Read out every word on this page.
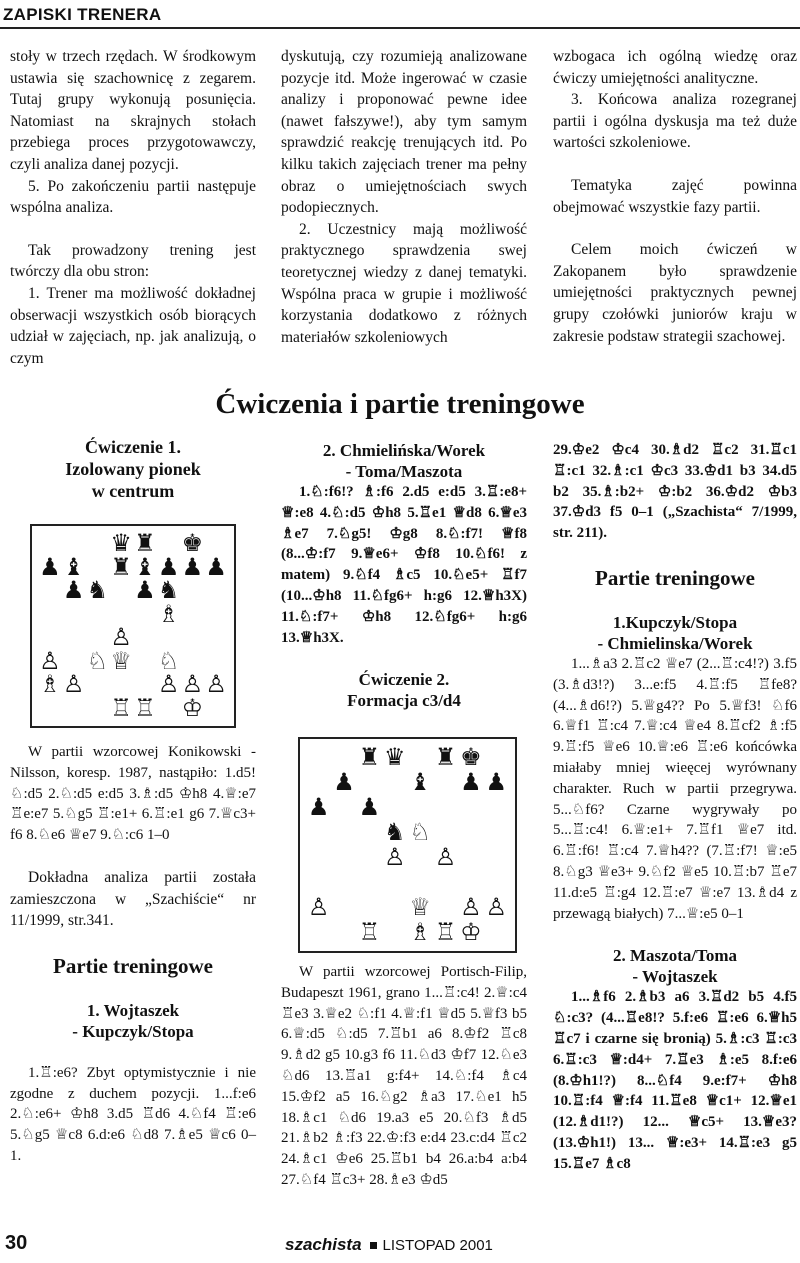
ZAPISKI TRENERA

stoły w trzech rzędach. W środkowym ustawia się szachownicę z zegarem. Tutaj grupy wykonują posunięcia. Natomiast na skrajnych stołach przebiega proces przygotowawczy, czyli analiza danej pozycji.

5. Po zakończeniu partii następuje wspólna analiza.

Tak prowadzony trening jest twórczy dla obu stron:

1. Trener ma możliwość dokładnej obserwacji wszystkich osób biorących udział w zajęciach, np. jak analizują, o czym

dyskutują, czy rozumieją analizowane pozycje itd. Może ingerować w czasie analizy i proponować pewne idee (nawet fałszywe!), aby tym samym sprawdzić reakcję trenujących itd. Po kilku takich zajęciach trener ma pełny obraz o umiejętnościach swych podopiecznych.

2. Uczestnicy mają możliwość praktycznego sprawdzenia swej teoretycznej wiedzy z danej tematyki. Wspólna praca w grupie i możliwość korzystania dodatkowo z różnych materiałów szkoleniowych

wzbogaca ich ogólną wiedzę oraz ćwiczy umiejętności analityczne.

3. Końcowa analiza rozegranej partii i ogólna dyskusja ma też duże wartości szkoleniowe.

Tematyka zajęć powinna obejmować wszystkie fazy partii.

Celem moich ćwiczeń w Zakopanem było sprawdzenie umiejętności praktycznych pewnej grupy czołówki juniorów kraju w zakresie podstaw strategii szachowej.

Ćwiczenia i partie treningowe
Ćwiczenie 1.
Izolowany pionek
w centrum
♛ ♜ ♚
♟ ♝ ♜ ♝ ♟ ♟ ♟
♟ ♞ ♟ ♞
♗
♙
♙ ♘ ♕ ♘
♗ ♙	♙ ♙ ♙
♖ ♖ ♔

W partii wzorcowej Konikowski - Nilsson, koresp. 1987, nastąpiło: 1.d5! ♘:d5 2.♘:d5 e:d5 3.♗:d5 ♔h8 4.♕:e7 ♖e:e7 5.♘g5 ♖:e1+ 6.♖:e1 g6 7.♕c3+ f6 8.♘e6 ♕e7 9.♘:c6 1–0

Dokładna analiza partii została zamieszczona w „Szachiście“ nr 11/1999, str.341.

Partie treningowe
1. Wojtaszek
- Kupczyk/Stopa

1.♖:e6? Zbyt optymistycznie i nie zgodne z duchem pozycji. 1...f:e6 2.♘:e6+ ♔h8 3.d5 ♖d6 4.♘f4 ♖:e6 5.♘g5 ♕c8 6.d:e6 ♘d8 7.♗e5 ♕c6 0–1.

2. Chmielińska/Worek
- Toma/Maszota

1.♘:f6!? ♗:f6 2.d5 e:d5 3.♖:e8+ ♕:e8 4.♘:d5 ♔h8 5.♖e1 ♕d8 6.♕e3 ♗e7 7.♘g5! ♔g8 8.♘:f7! ♕f8 (8...♔:f7 9.♕e6+ ♔f8 10.♘f6! z matem) 9.♘f4 ♗c5 10.♘e5+ ♖f7 (10...♔h8 11.♘fg6+ h:g6 12.♕h3X) 11.♘:f7+ ♔h8 12.♘fg6+ h:g6 13.♕h3X.

Ćwiczenie 2.
Formacja c3/d4
♜ ♛ ♜ ♚
♟ ♝ ♟ ♟
♟ ♟
♞ ♘
♙ ♙
♙	♕ ♙ ♙
♖ ♗ ♖ ♔

W partii wzorcowej Portisch-Filip, Budapeszt 1961, grano 1...♖:c4! 2.♕:c4 ♖e3 3.♕e2 ♘:f1 4.♕:f1 ♕d5 5.♕f3 b5 6.♕:d5 ♘:d5 7.♖b1 a6 8.♔f2 ♖c8 9.♗d2 g5 10.g3 f6 11.♘d3 ♔f7 12.♘e3 ♘d6 13.♖a1 g:f4+ 14.♘:f4 ♗c4 15.♔f2 a5 16.♘g2 ♗a3 17.♘e1 h5 18.♗c1 ♘d6 19.a3 e5 20.♘f3 ♗d5 21.♗b2 ♗:f3 22.♔:f3 e:d4 23.c:d4 ♖c2 24.♗c1 ♔e6 25.♖b1 b4 26.a:b4 a:b4 27.♘f4 ♖c3+ 28.♗e3 ♔d5

29.♔e2 ♔c4 30.♗d2 ♖c2 31.♖c1 ♖:c1 32.♗:c1 ♔c3 33.♔d1 b3 34.d5 b2 35.♗:b2+ ♔:b2 36.♔d2 ♔b3 37.♔d3 f5 0–1 („Szachista“ 7/1999, str. 211).

Partie treningowe
1.Kupczyk/Stopa
- Chmielinska/Worek

1...♗a3 2.♖c2 ♕e7 (2...♖:c4!?) 3.f5 (3.♗d3!?) 3...e:f5 4.♖:f5 ♖fe8? (4...♗d6!?) 5.♕g4?? Po 5.♕f3! ♘f6 6.♕f1 ♖:c4 7.♕:c4 ♕e4 8.♖cf2 ♗:f5 9.♖:f5 ♕e6 10.♕:e6 ♖:e6 końcówka miałaby mniej wieęcej wyrównany charakter. Ruch w partii przegrywa. 5...♘f6? Czarne wygrywały po 5...♖:c4! 6.♕:e1+ 7.♖f1 ♕e7 itd. 6.♖:f6! ♖:c4 7.♕h4?? (7.♖:f7! ♕:e5 8.♘g3 ♕e3+ 9.♘f2 ♕e5 10.♖:b7 ♖e7 11.d:e5 ♖:g4 12.♖:e7 ♕:e7 13.♗d4 z przewagą białych) 7...♕:e5 0–1

2. Maszota/Toma
- Wojtaszek

1...♗f6 2.♗b3 a6 3.♖d2 b5 4.f5 ♘:c3? (4...♖e8!? 5.f:e6 ♖:e6 6.♕h5 ♖c7 i czarne się bronią) 5.♗:c3 ♖:c3 6.♖:c3 ♕:d4+ 7.♖e3 ♗:e5 8.f:e6 (8.♔h1!?) 8...♘f4 9.e:f7+ ♔h8 10.♖:f4 ♕:f4 11.♖e8 ♕c1+ 12.♕e1 (12.♗d1!?) 12... ♕c5+ 13.♕e3? (13.♔h1!) 13... ♕:e3+ 14.♖:e3 g5 15.♖e7 ♗c8

30	szachista LISTOPAD 2001
